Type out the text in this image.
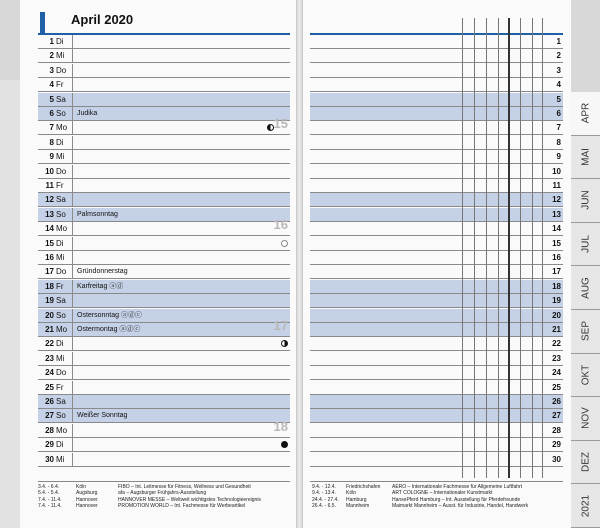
April 2020
1 Di
2 Mi
3 Do
4 Fr
5 Sa
6 So Judika
7 Mo	15
8 Di
9 Mi
10 Do
11 Fr
12 Sa
13 So Palmsonntag
14 Mo	16
15 Di
16 Mi
17 Do Gründonnerstag
18 Fr Karfreitag ⓐⓓ
19 Sa
20 So Ostersonntag ⓐⓓⓒ
21 Mo Ostermontag ⓐⓓⓒ	17
22 Di
23 Mi
24 Do
25 Fr
26 Sa
27 So Weißer Sonntag
28 Mo	18
29 Di
30 Mi
1
2
3
4
5
6
7
8
9
10
11
12
13
14
15
16
17
18
19
20
21
22
23
24
25
26
27
28
29
30
3.4. - 6.4.	Köln	FIBO – Int. Leitmesse für Fitness, Wellness und Gesundheit
5.4. - 5.4.	Augsburg	afa – Augsburger Frühjahrs-Ausstellung
7.4. - 11.4.	Hannover	HANNOVER MESSE – Weltweit wichtigstes Technologieereignis
7.4. - 11.4.	Hannover	PROMOTION WORLD – Int. Fachmesse für Werbeartikel
9.4. - 12.4. Friedrichshafen AERO – Internationale Fachmesse für Allgemeine Luftfahrt
9.4. - 13.4. Köln	ART COLOGNE – Internationaler Kunstmarkt
24.4. - 27.4. Hamburg	HansePferd Hamburg – Int. Ausstellung für Pferdefreunde
26.4. - 6.5. Mannheim	Maimarkt Mannheim – Ausst. für Industrie, Handel, Handwerk
APR
MAI
JUN
JUL
AUG
SEP
OKT
NOV
DEZ
2021
